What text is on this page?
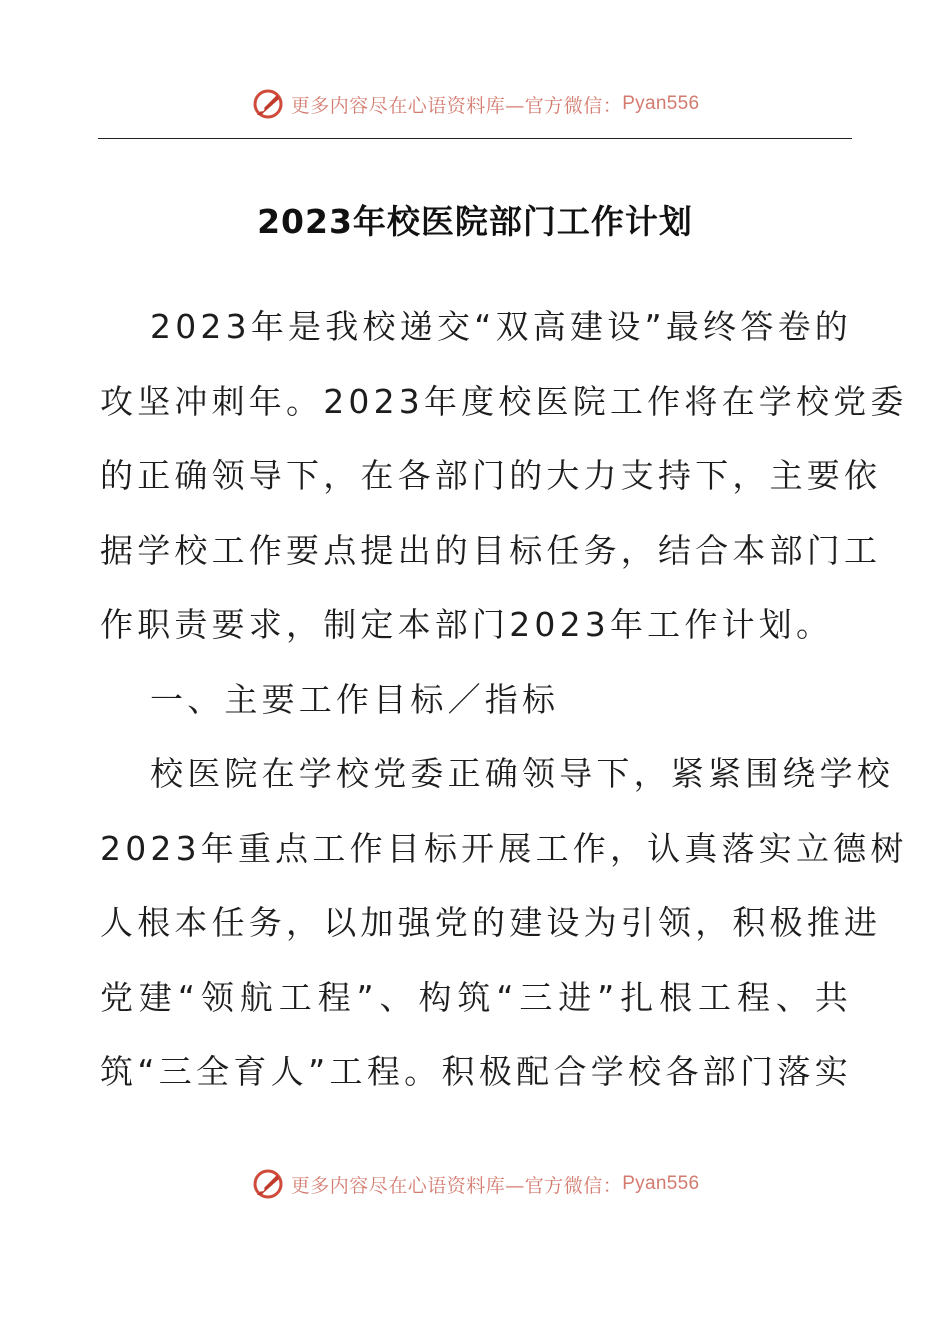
更多内容尽在心语资料库—官方微信： Pyan556
2023年校医院部门工作计划
2023年是我校递交“双高建设”最终答卷的
攻坚冲刺年。2023年度校医院工作将在学校党委
的正确领导下，在各部门的大力支持下，主要依
据学校工作要点提出的目标任务，结合本部门工
作职责要求，制定本部门2023年工作计划。
一、主要工作目标／指标
校医院在学校党委正确领导下，紧紧围绕学校
2023年重点工作目标开展工作，认真落实立德树
人根本任务，以加强党的建设为引领，积极推进
党建“领航工程”、构筑“三进”扎根工程、共
筑“三全育人”工程。积极配合学校各部门落实
更多内容尽在心语资料库—官方微信： Pyan556
